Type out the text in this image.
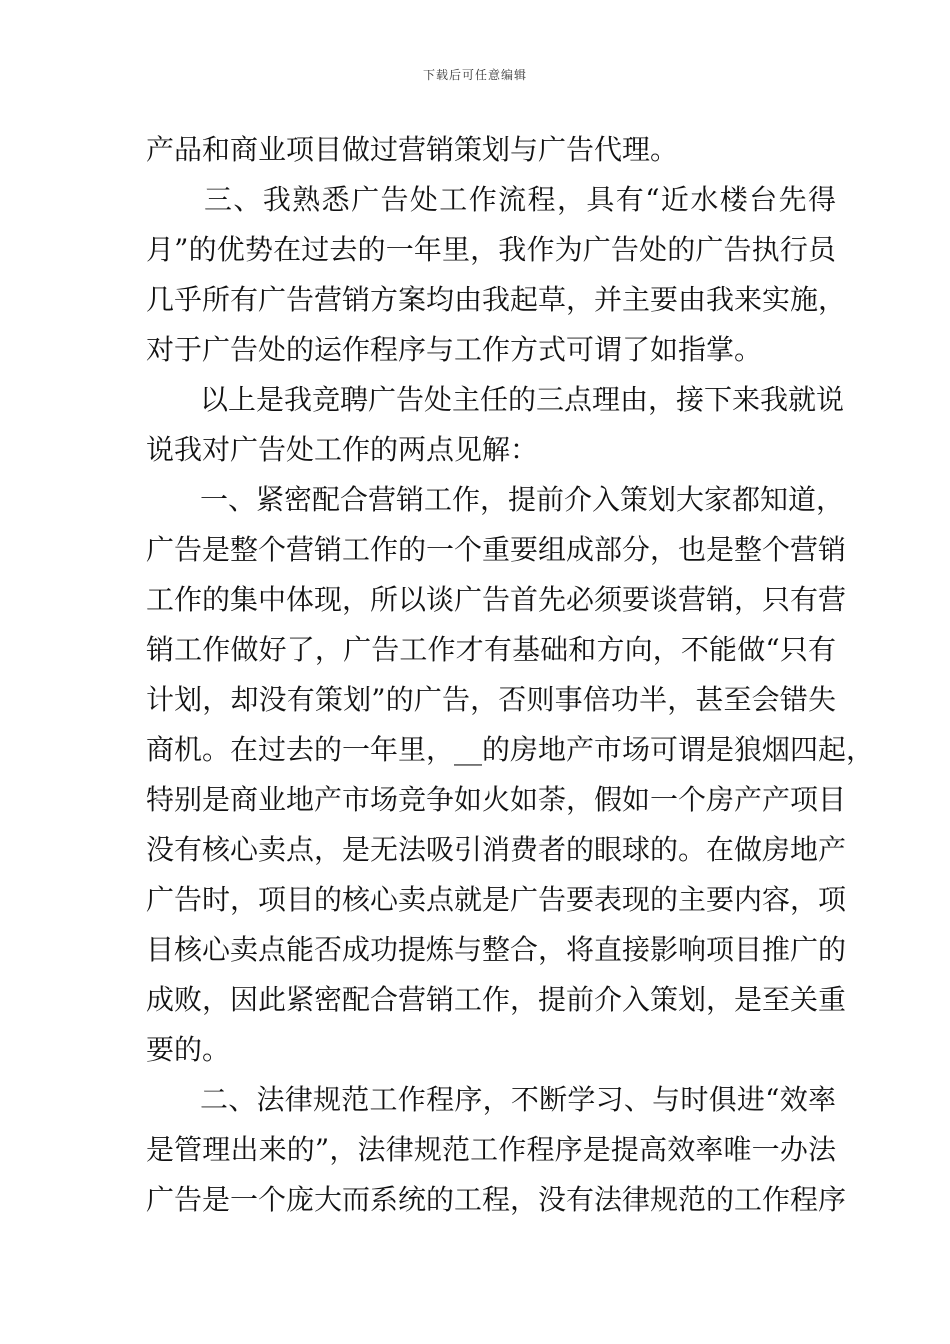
下载后可任意编辑
产品和商业项目做过营销策划与广告代理。
三、我熟悉广告处工作流程，具有“近水楼台先得
月”的优势在过去的一年里，我作为广告处的广告执行员
几乎所有广告营销方案均由我起草，并主要由我来实施，
对于广告处的运作程序与工作方式可谓了如指掌。
以上是我竞聘广告处主任的三点理由，接下来我就说
说我对广告处工作的两点见解：
一、紧密配合营销工作，提前介入策划大家都知道，
广告是整个营销工作的一个重要组成部分，也是整个营销
工作的集中体现，所以谈广告首先必须要谈营销，只有营
销工作做好了，广告工作才有基础和方向，不能做“只有
计划，却没有策划”的广告，否则事倍功半，甚至会错失
商机。在过去的一年里，__的房地产市场可谓是狼烟四起，
特别是商业地产市场竞争如火如荼，假如一个房产产项目
没有核心卖点，是无法吸引消费者的眼球的。在做房地产
广告时，项目的核心卖点就是广告要表现的主要内容，项
目核心卖点能否成功提炼与整合，将直接影响项目推广的
成败，因此紧密配合营销工作，提前介入策划，是至关重
要的。
二、法律规范工作程序，不断学习、与时俱进“效率
是管理出来的”，法律规范工作程序是提高效率唯一办法
广告是一个庞大而系统的工程，没有法律规范的工作程序
